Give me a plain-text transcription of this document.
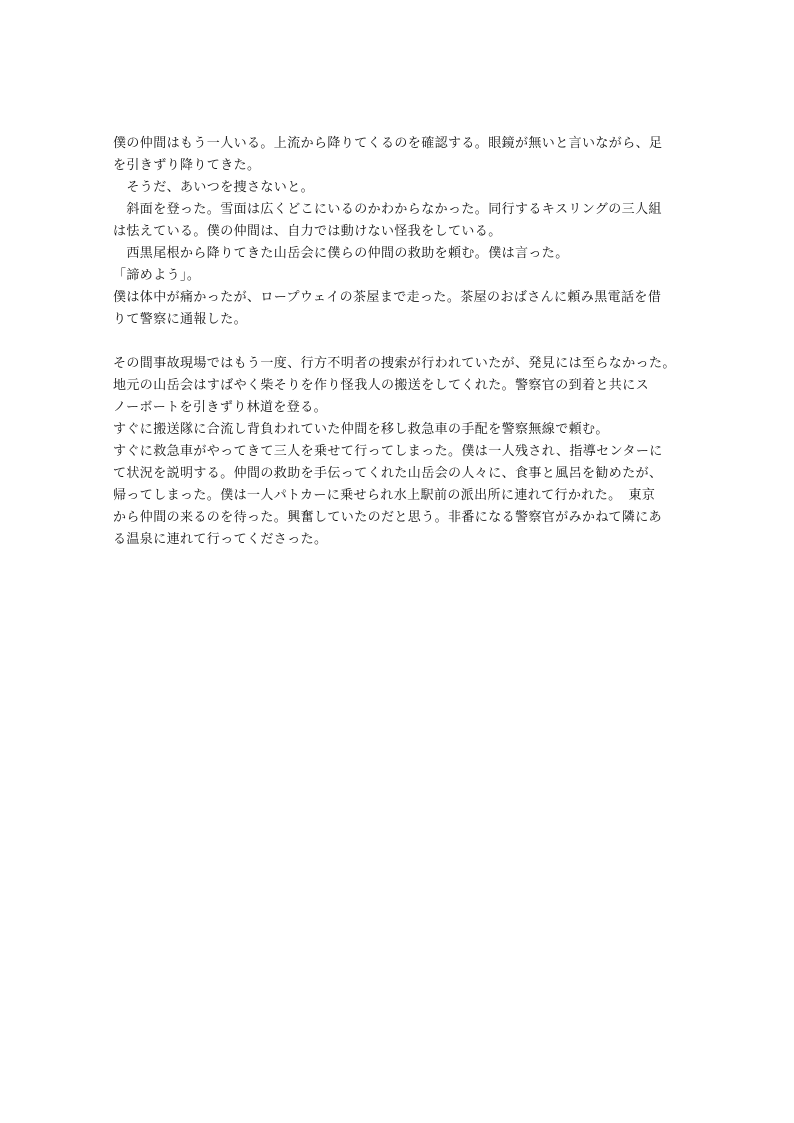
僕の仲間はもう一人いる。上流から降りてくるのを確認する。眼鏡が無いと言いながら、足
を引きずり降りてきた。
　そうだ、あいつを捜さないと。
　斜面を登った。雪面は広くどこにいるのかわからなかった。同行するキスリングの三人組
は怯えている。僕の仲間は、自力では動けない怪我をしている。
　西黒尾根から降りてきた山岳会に僕らの仲間の救助を頼む。僕は言った。
「諦めよう」。
僕は体中が痛かったが、ロープウェイの茶屋まで走った。茶屋のおばさんに頼み黒電話を借
りて警察に通報した。
その間事故現場ではもう一度、行方不明者の捜索が行われていたが、発見には至らなかった。
地元の山岳会はすばやく柴そりを作り怪我人の搬送をしてくれた。警察官の到着と共にス
ノーボートを引きずり林道を登る。
すぐに搬送隊に合流し背負われていた仲間を移し救急車の手配を警察無線で頼む。
すぐに救急車がやってきて三人を乗せて行ってしまった。僕は一人残され、指導センターに
て状況を説明する。仲間の救助を手伝ってくれた山岳会の人々に、食事と風呂を勧めたが、
帰ってしまった。僕は一人パトカーに乗せられ水上駅前の派出所に連れて行かれた。　東京
から仲間の来るのを待った。興奮していたのだと思う。非番になる警察官がみかねて隣にあ
る温泉に連れて行ってくださった。
